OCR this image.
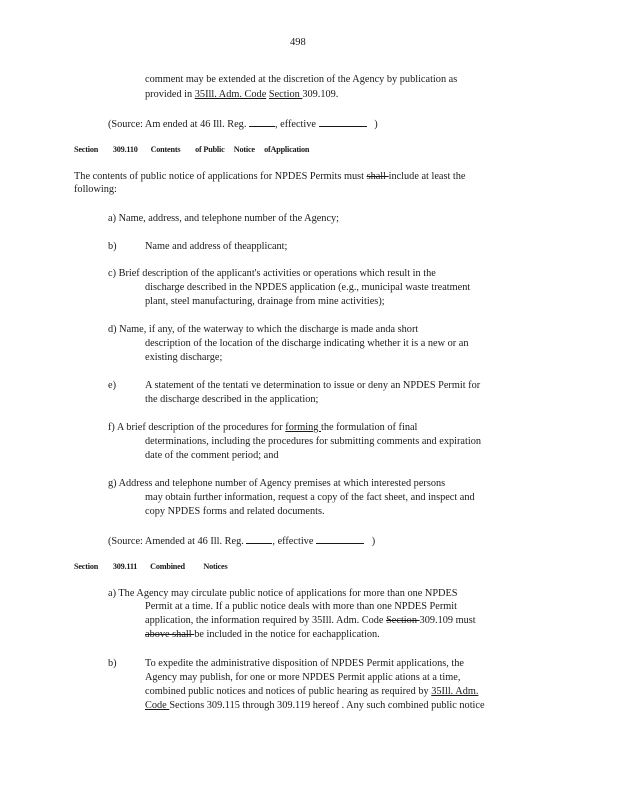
498
comment may be extended at the discretion of the Agency by publication as
provided in 35Ill. Adm. Code Section 309.109.
(Source: Am ended at 46 Ill. Reg.	, effective	)
Section 309.110 Contents of Public Notice ofApplication
The contents of public notice of applications for NPDES Permits must shall include at least the
following:
a) Name, address, and telephone number of the Agency;
b)	Name and address of theapplicant;
c) Brief description of the applicant's activities or operations which result in the
discharge described in the NPDES application (e.g., municipal waste treatment
plant, steel manufacturing, drainage from mine activities);
d) Name, if any, of the waterway to which the discharge is made anda short
description of the location of the discharge indicating whether it is a new or an
existing discharge;
e)	A statement of the tentati ve determination to issue or deny an NPDES Permit for
the discharge described in the application;
f) A brief description of the procedures for forming the formulation of final
determinations, including the procedures for submitting comments and expiration
date of the comment period; and
g) Address and telephone number of Agency premises at which interested persons
may obtain further information, request a copy of the fact sheet, and inspect and
copy NPDES forms and related documents.
(Source: Amended at 46 Ill. Reg.	, effective	)
Section 309.111 Combined Notices
a) The Agency may circulate public notice of applications for more than one NPDES
Permit at a time. If a public notice deals with more than one NPDES Permit
application, the information required by 35Ill. Adm. Code Section 309.109 must
above shall be included in the notice for eachapplication.
b)	To expedite the administrative disposition of NPDES Permit applications, the
Agency may publish, for one or more NPDES Permit applic ations at a time,
combined public notices and notices of public hearing as required by 35Ill. Adm.
Code Sections 309.115 through 309.119 hereof . Any such combined public notice
